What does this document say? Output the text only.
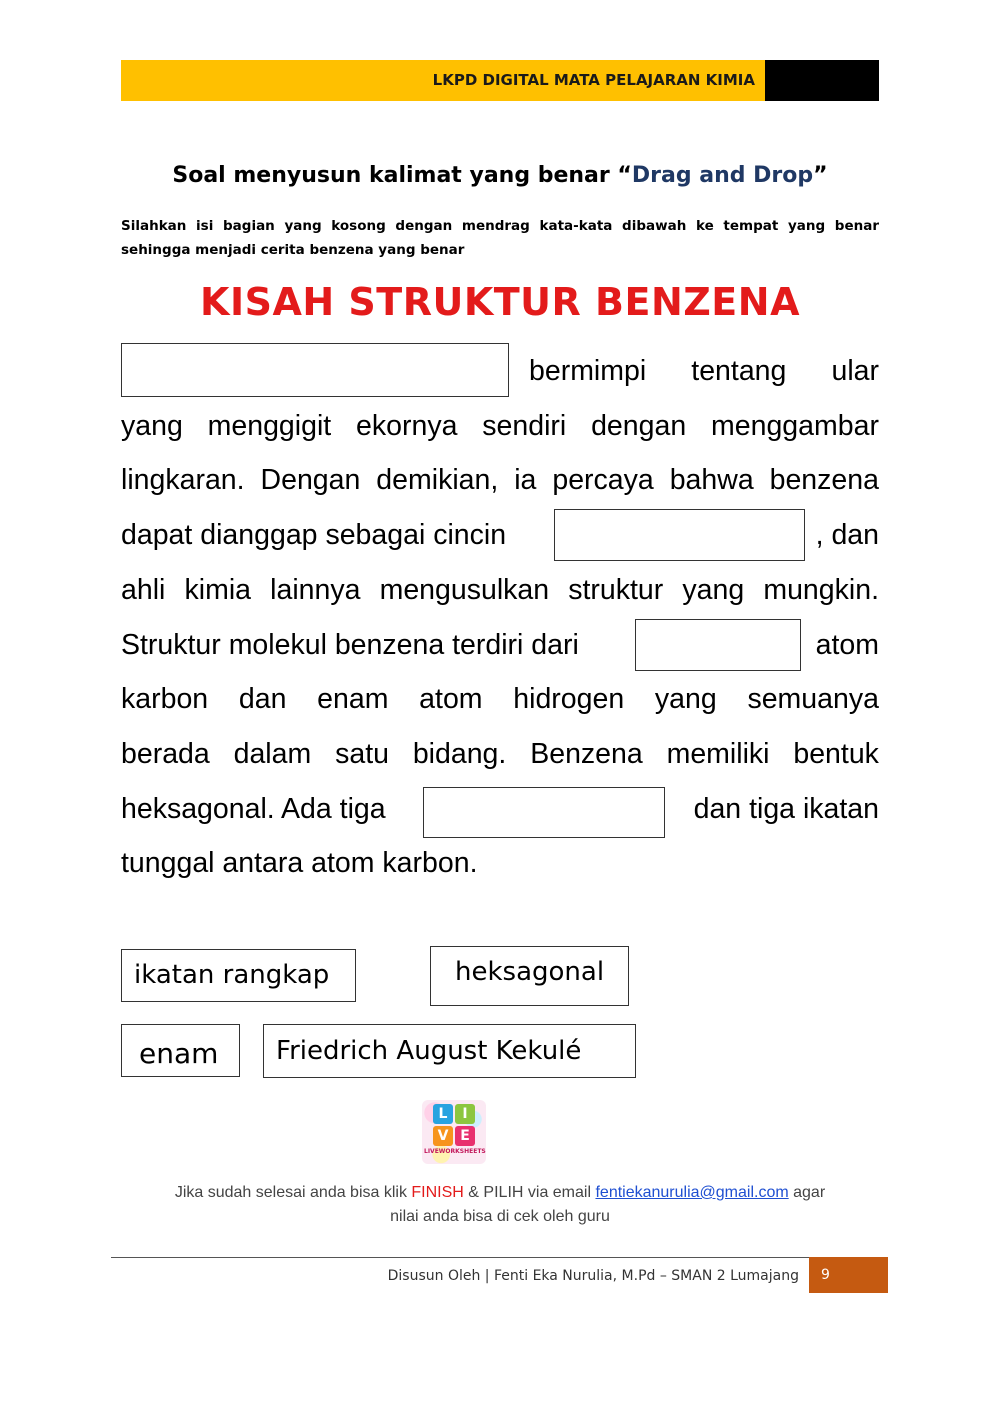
LKPD DIGITAL MATA PELAJARAN KIMIA
Soal menyusun kalimat yang benar “Drag and Drop”
Silahkan isi bagian yang kosong dengan mendrag kata-kata dibawah ke tempat yang benar
sehingga menjadi cerita benzena yang benar
KISAH STRUKTUR BENZENA
bermimpi tentang ular
yang menggigit ekornya sendiri dengan menggambar
lingkaran. Dengan demikian, ia percaya bahwa benzena
dapat dianggap sebagai cincin	, dan
ahli kimia lainnya mengusulkan struktur yang mungkin.
Struktur molekul benzena terdiri dari	atom
karbon dan enam atom hidrogen yang semuanya
berada dalam satu bidang. Benzena memiliki bentuk
heksagonal. Ada tiga	dan tiga ikatan
tunggal antara atom karbon.
ikatan rangkap	heksagonal
enam	Friedrich August Kekulé
L	I
V E
LIVEWORKSHEETS
Jika sudah selesai anda bisa klik FINISH & PILIH via email fentiekanurulia@gmail.com agar
nilai anda bisa di cek oleh guru
Disusun Oleh | Fenti Eka Nurulia, M.Pd – SMAN 2 Lumajang	9
